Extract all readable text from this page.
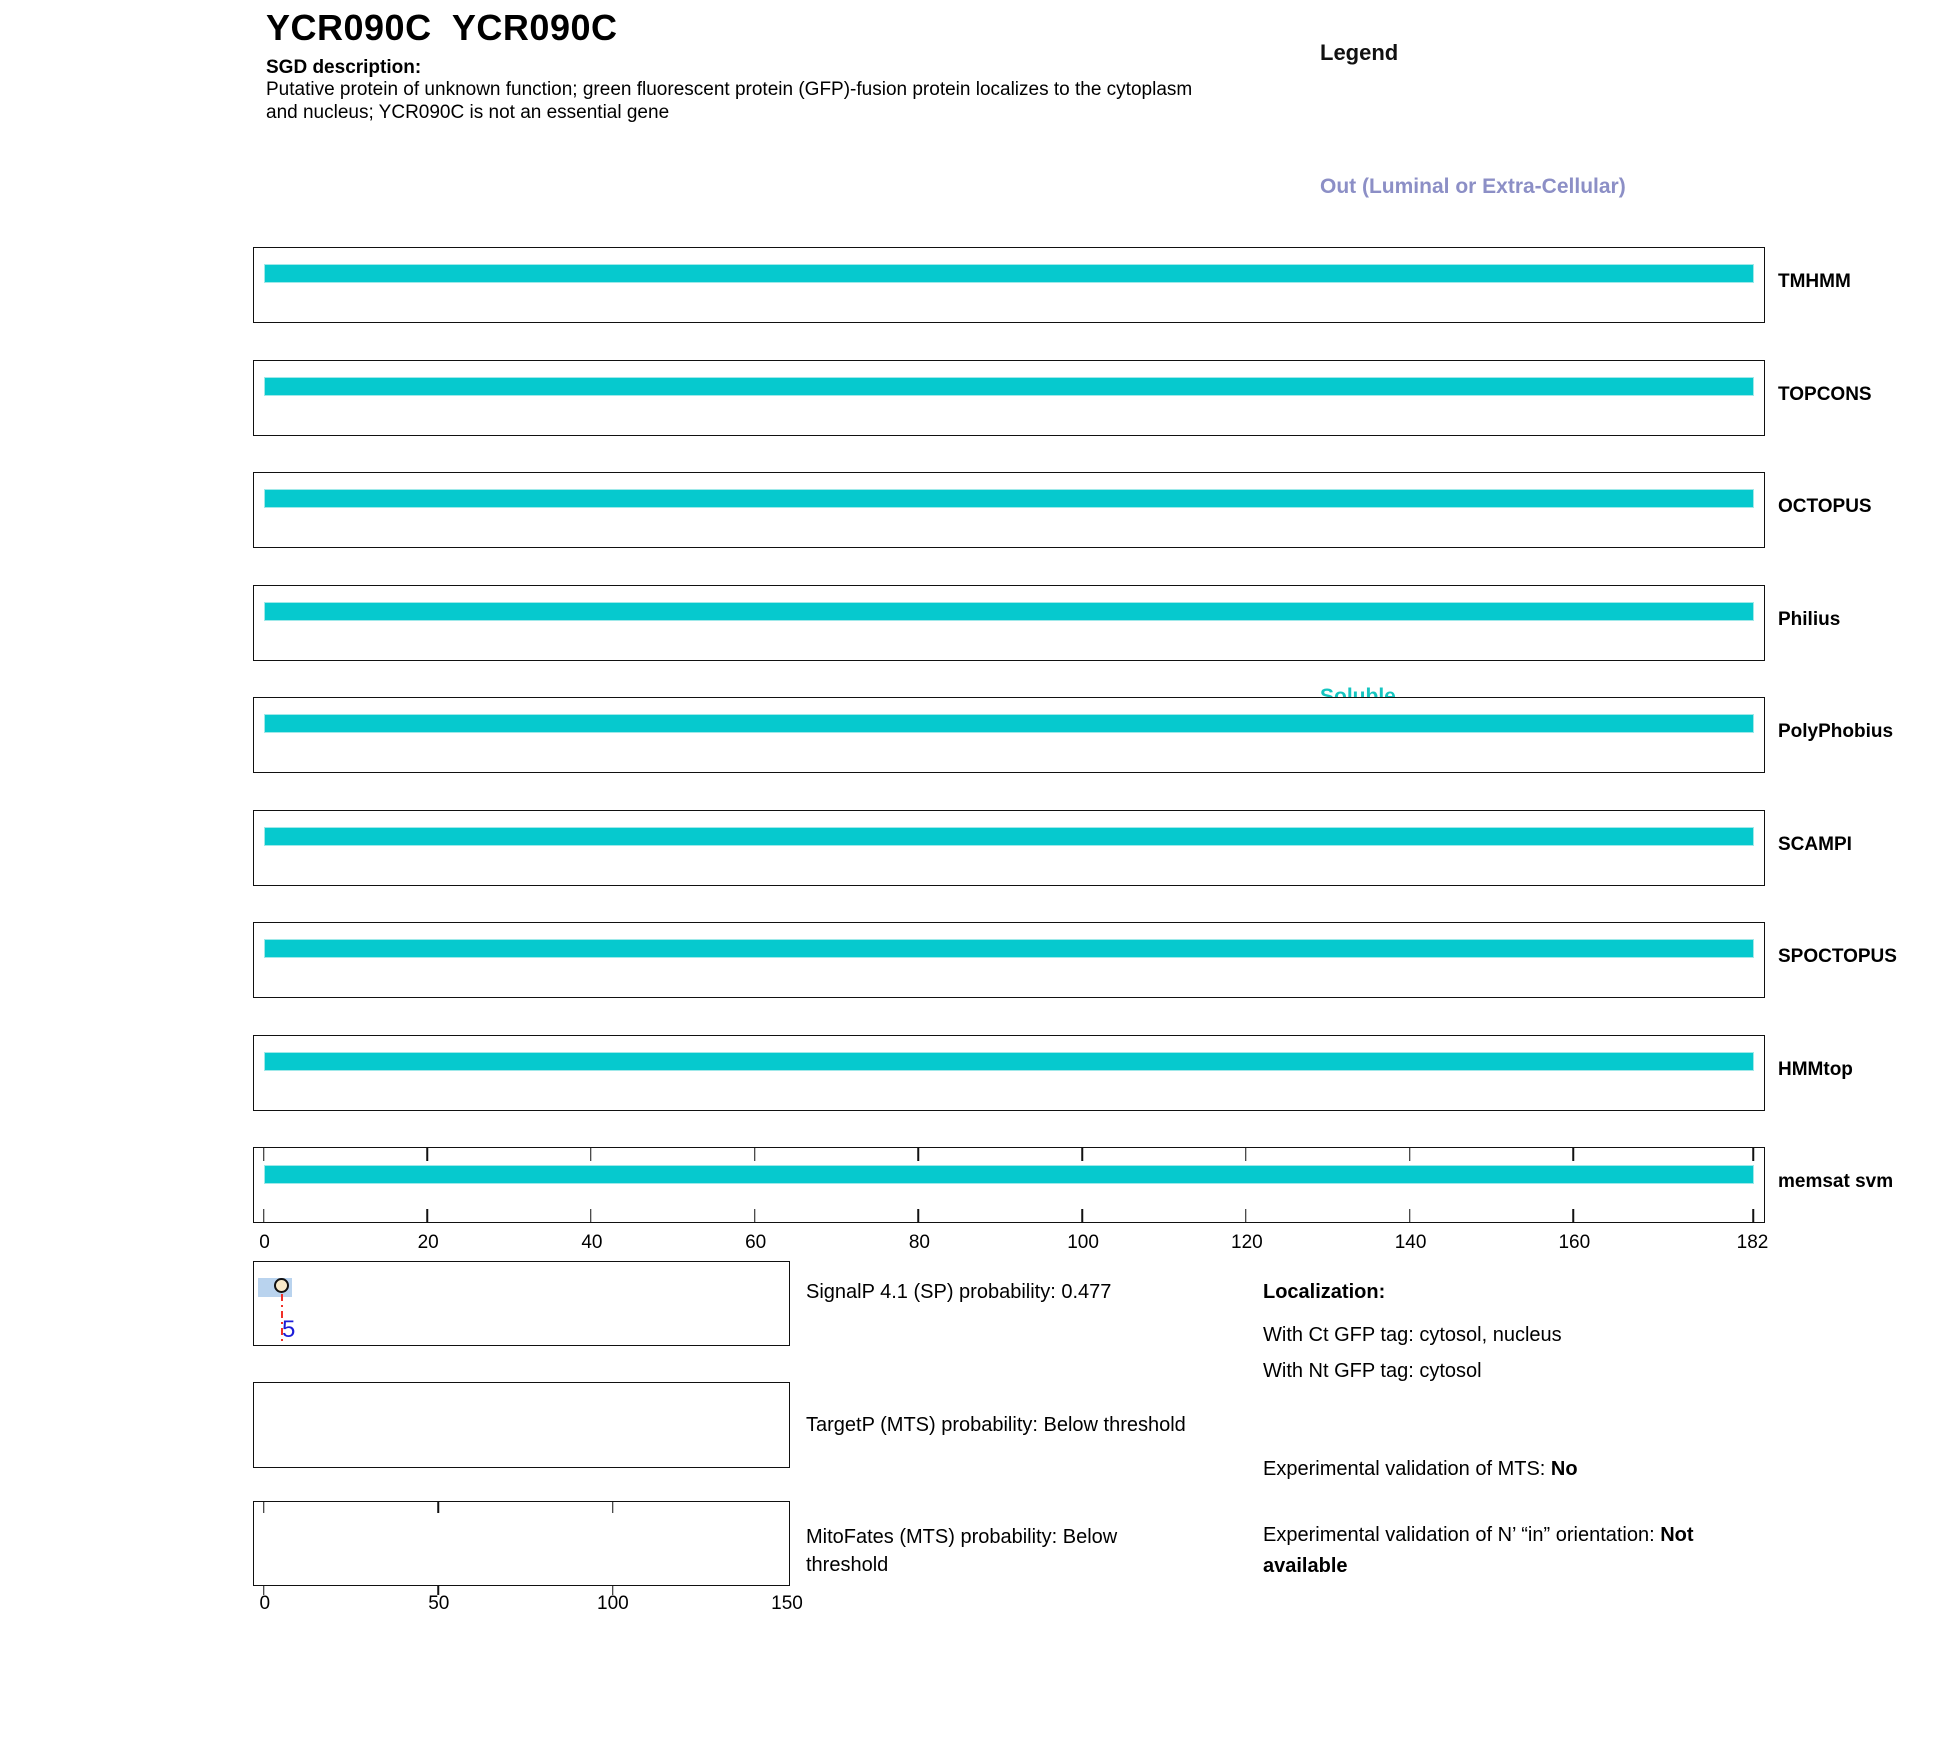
YCR090C  YCR090C
SGD description:
Putative protein of unknown function; green fluorescent protein (GFP)-fusion protein localizes to the cytoplasm
and nucleus; YCR090C is not an essential gene

Legend

Out (Luminal or Extra-Cellular)

TMHMM
TOPCONS
OCTOPUS
Philius
PolyPhobius
SCAMPI
SPOCTOPUS
HMMtop
memsat svm
0	20	40	60	80	100	120	140	160	182
5
SignalP 4.1 (SP) probability: 0.477
TargetP (MTS) probability: Below threshold
MitoFates (MTS) probability: Below
threshold
0	50	100	150
Localization:
With Ct GFP tag: cytosol, nucleus
With Nt GFP tag: cytosol
Experimental validation of MTS: No
Experimental validation of N’ “in” orientation: Not
available
